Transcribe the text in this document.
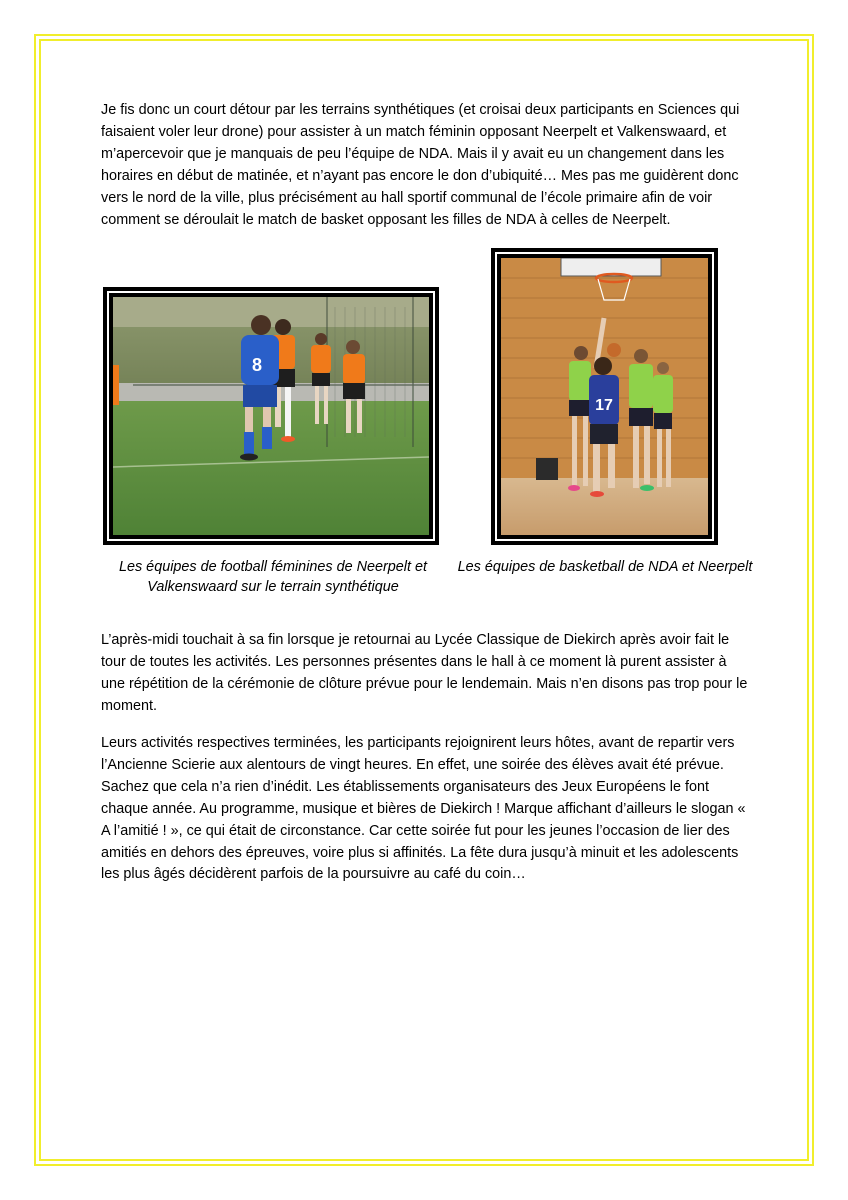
Je fis donc un court détour par les terrains synthétiques (et croisai deux participants en Sciences qui faisaient voler leur drone) pour assister à un match féminin opposant Neerpelt et Valkenswaard, et m’apercevoir que je manquais de peu l’équipe de NDA. Mais il y avait eu un changement dans les horaires en début de matinée, et n’ayant pas encore le don d’ubiquité… Mes pas me guidèrent donc vers le nord de la ville, plus précisément au hall sportif communal de l’école primaire afin de voir comment se déroulait le match de basket opposant les filles de NDA à celles de Neerpelt.

8
17

Les équipes de football féminines de Neerpelt et Valkenswaard sur le terrain synthétique

Les équipes de basketball de NDA et Neerpelt

L’après-midi touchait à sa fin lorsque je retournai au Lycée Classique de Diekirch après avoir fait le tour de toutes les activités. Les personnes présentes dans le hall à ce moment là purent assister à une répétition de la cérémonie de clôture prévue pour le lendemain. Mais n’en disons pas trop pour le moment.

Leurs activités respectives terminées, les participants rejoignirent leurs hôtes, avant de repartir vers l’Ancienne Scierie aux alentours de vingt heures. En effet, une soirée des élèves avait été prévue. Sachez que cela n’a rien d’inédit. Les établissements organisateurs des Jeux Européens le font chaque année. Au programme, musique et bières de Diekirch ! Marque affichant d’ailleurs le slogan « A l’amitié ! », ce qui était de circonstance. Car cette soirée fut pour les jeunes l’occasion de lier des amitiés en dehors des épreuves, voire plus si affinités. La fête dura jusqu’à minuit et les adolescents les plus âgés décidèrent parfois de la poursuivre au café du coin…
